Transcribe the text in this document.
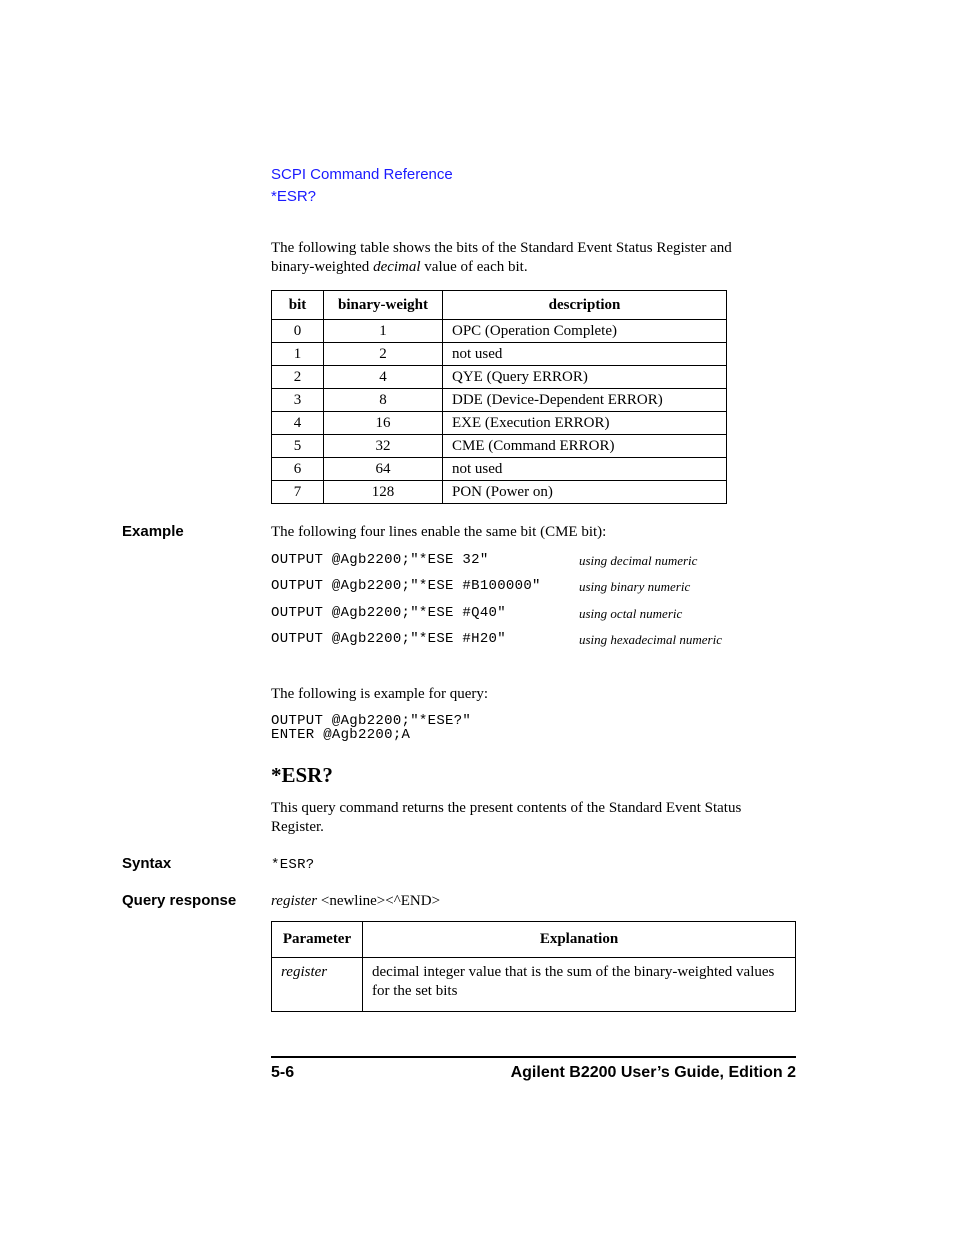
SCPI Command Reference
*ESR?
The following table shows the bits of the Standard Event Status Register and
binary-weighted decimal value of each bit.
bit	binary-weight	description
0	1	OPC (Operation Complete)
1	2	not used
2	4	QYE (Query ERROR)
3	8	DDE (Device-Dependent ERROR)
4	16	EXE (Execution ERROR)
5	32	CME (Command ERROR)
6	64	not used
7	128	PON (Power on)
Example	The following four lines enable the same bit (CME bit):
OUTPUT @Agb2200;"*ESE 32"	using decimal numeric
OUTPUT @Agb2200;"*ESE #B100000"	using binary numeric
OUTPUT @Agb2200;"*ESE #Q40"	using octal numeric
OUTPUT @Agb2200;"*ESE #H20"	using hexadecimal numeric
The following is example for query:
OUTPUT @Agb2200;"*ESE?"
ENTER @Agb2200;A
*ESR?
This query command returns the present contents of the Standard Event Status
Register.
Syntax	*ESR?
Query response register <newline><^END>
Parameter	Explanation
register	decimal integer value that is the sum of the binary-weighted values
for the set bits
5-6	Agilent B2200 User’s Guide, Edition 2
